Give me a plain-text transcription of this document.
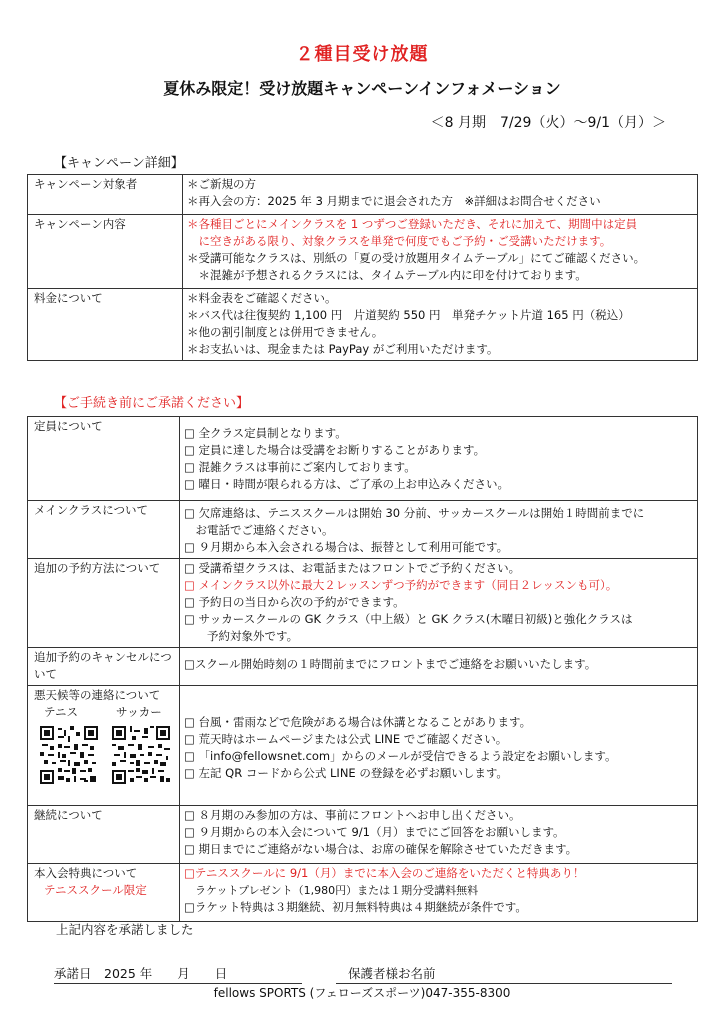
２種目受け放題
夏休み限定！受け放題キャンペーンインフォメーション
＜8 月期　7/29（火）～9/1（月）＞
【キャンペーン詳細】
キャンペーン対象者	＊ご新規の方
＊再入会の方：2025 年 3 月期までに退会された方　※詳細はお問合せください

キャンペーン内容	＊各種目ごとにメインクラスを 1 つずつご登録いただき、それに加えて、期間中は定員
　に空きがある限り、対象クラスを単発で何度でもご予約・ご受講いただけます。
＊受講可能なクラスは、別紙の「夏の受け放題用タイムテーブル」にてご確認ください。
　＊混雑が予想されるクラスには、タイムテーブル内に印を付けております。

料金について	＊料金表をご確認ください。
＊バス代は往復契約 1,100 円　片道契約 550 円　単発チケット片道 165 円（税込）
＊他の割引制度とは併用できません。
＊お支払いは、現金または PayPay がご利用いただけます。
【ご手続き前にご承諾ください】
定員について	□ 全クラス定員制となります。
□ 定員に達した場合は受講をお断りすることがあります。
□ 混雑クラスは事前にご案内しております。
□ 曜日・時間が限られる方は、ご了承の上お申込みください。

メインクラスについて	□ 欠席連絡は、テニススクールは開始 30 分前、サッカースクールは開始１時間前までに
　お電話でご連絡ください。
□ ９月期から本入会される場合は、振替として利用可能です。

追加の予約方法について	□ 受講希望クラスは、お電話またはフロントでご予約ください。
□ メインクラス以外に最大２レッスンずつ予約ができます（同日２レッスンも可）。
□ 予約日の当日から次の予約ができます。
□ サッカースクールの GK クラス（中上級）と GK クラス(木曜日初級)と強化クラスは
　　予約対象外です。

追加予約のキャンセルについて	□スクール開始時刻の１時間前までにフロントまでご連絡をお願いいたします。

悪天候等の連絡について
テニス サッカー	□ 台風・雷雨などで危険がある場合は休講となることがあります。
□ 荒天時はホームページまたは公式 LINE でご確認ください。
□ 「info@fellowsnet.com」からのメールが受信できるよう設定をお願いします。
□ 左記 QR コードから公式 LINE の登録を必ずお願いします。

継続について	□ ８月期のみ参加の方は、事前にフロントへお申し出ください。
□ ９月期からの本入会について 9/1（月）までにご回答をお願いします。
□ 期日までにご連絡がない場合は、お席の確保を解除させていただきます。

本入会特典について
テニススクール限定	□テニススクールに 9/1（月）までに本入会のご連絡をいただくと特典あり！
　ラケットプレゼント（1,980円）または１期分受講料無料
□ラケット特典は３期継続、初月無料特典は４期継続が条件です。
上記内容を承諾しました
承諾日　2025 年　　月　　日	保護者様お名前
fellows SPORTS (フェローズスポーツ)047-355-8300
